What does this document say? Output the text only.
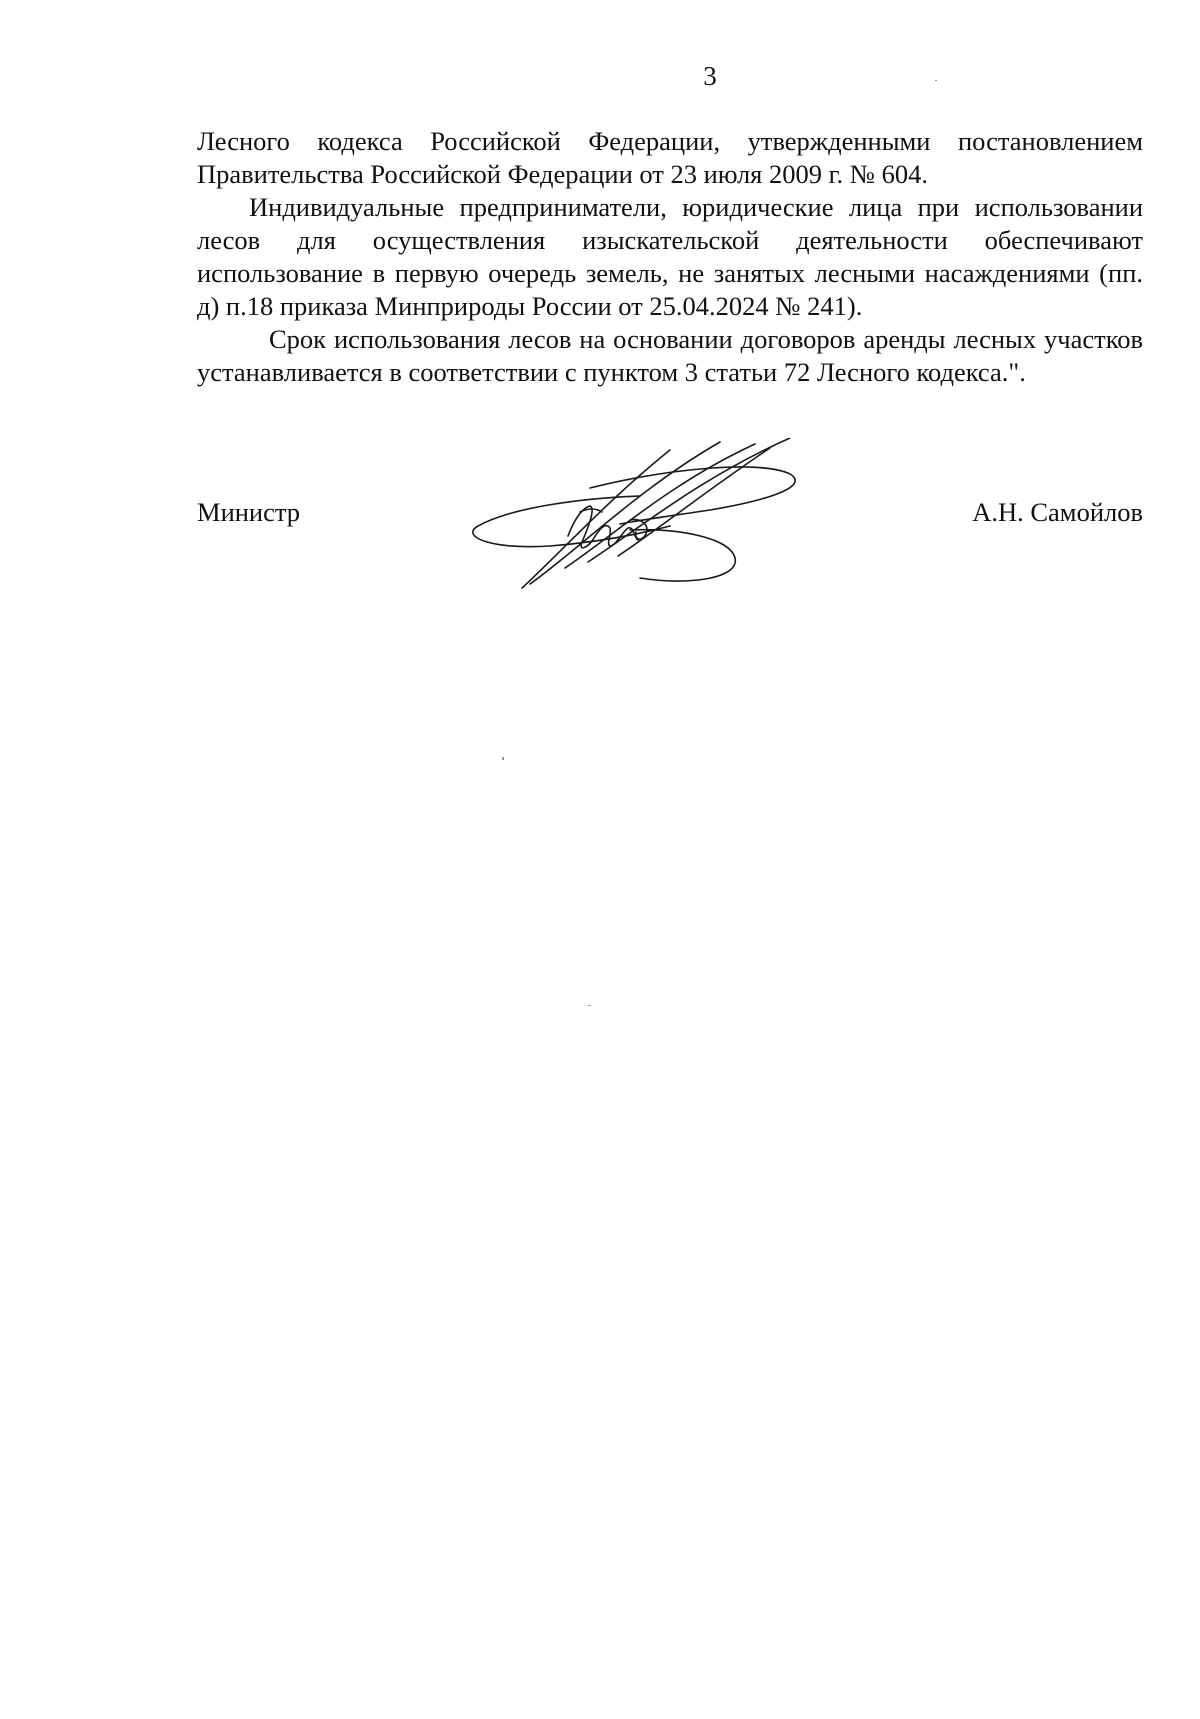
3

Лесного кодекса Российской Федерации, утвержденными постановлением Правительства Российской Федерации от 23 июля 2009 г. № 604.

Индивидуальные предприниматели, юридические лица при использовании лесов для осуществления изыскательской деятельности обеспечивают использование в первую очередь земель, не занятых лесными насаждениями (пп. д) п.18 приказа Минприроды России от 25.04.2024 № 241).

Срок использования лесов на основании договоров аренды лесных участков устанавливается в соответствии с пунктом 3 статьи 72 Лесного кодекса.".

Министр	А.Н. Самойлов
